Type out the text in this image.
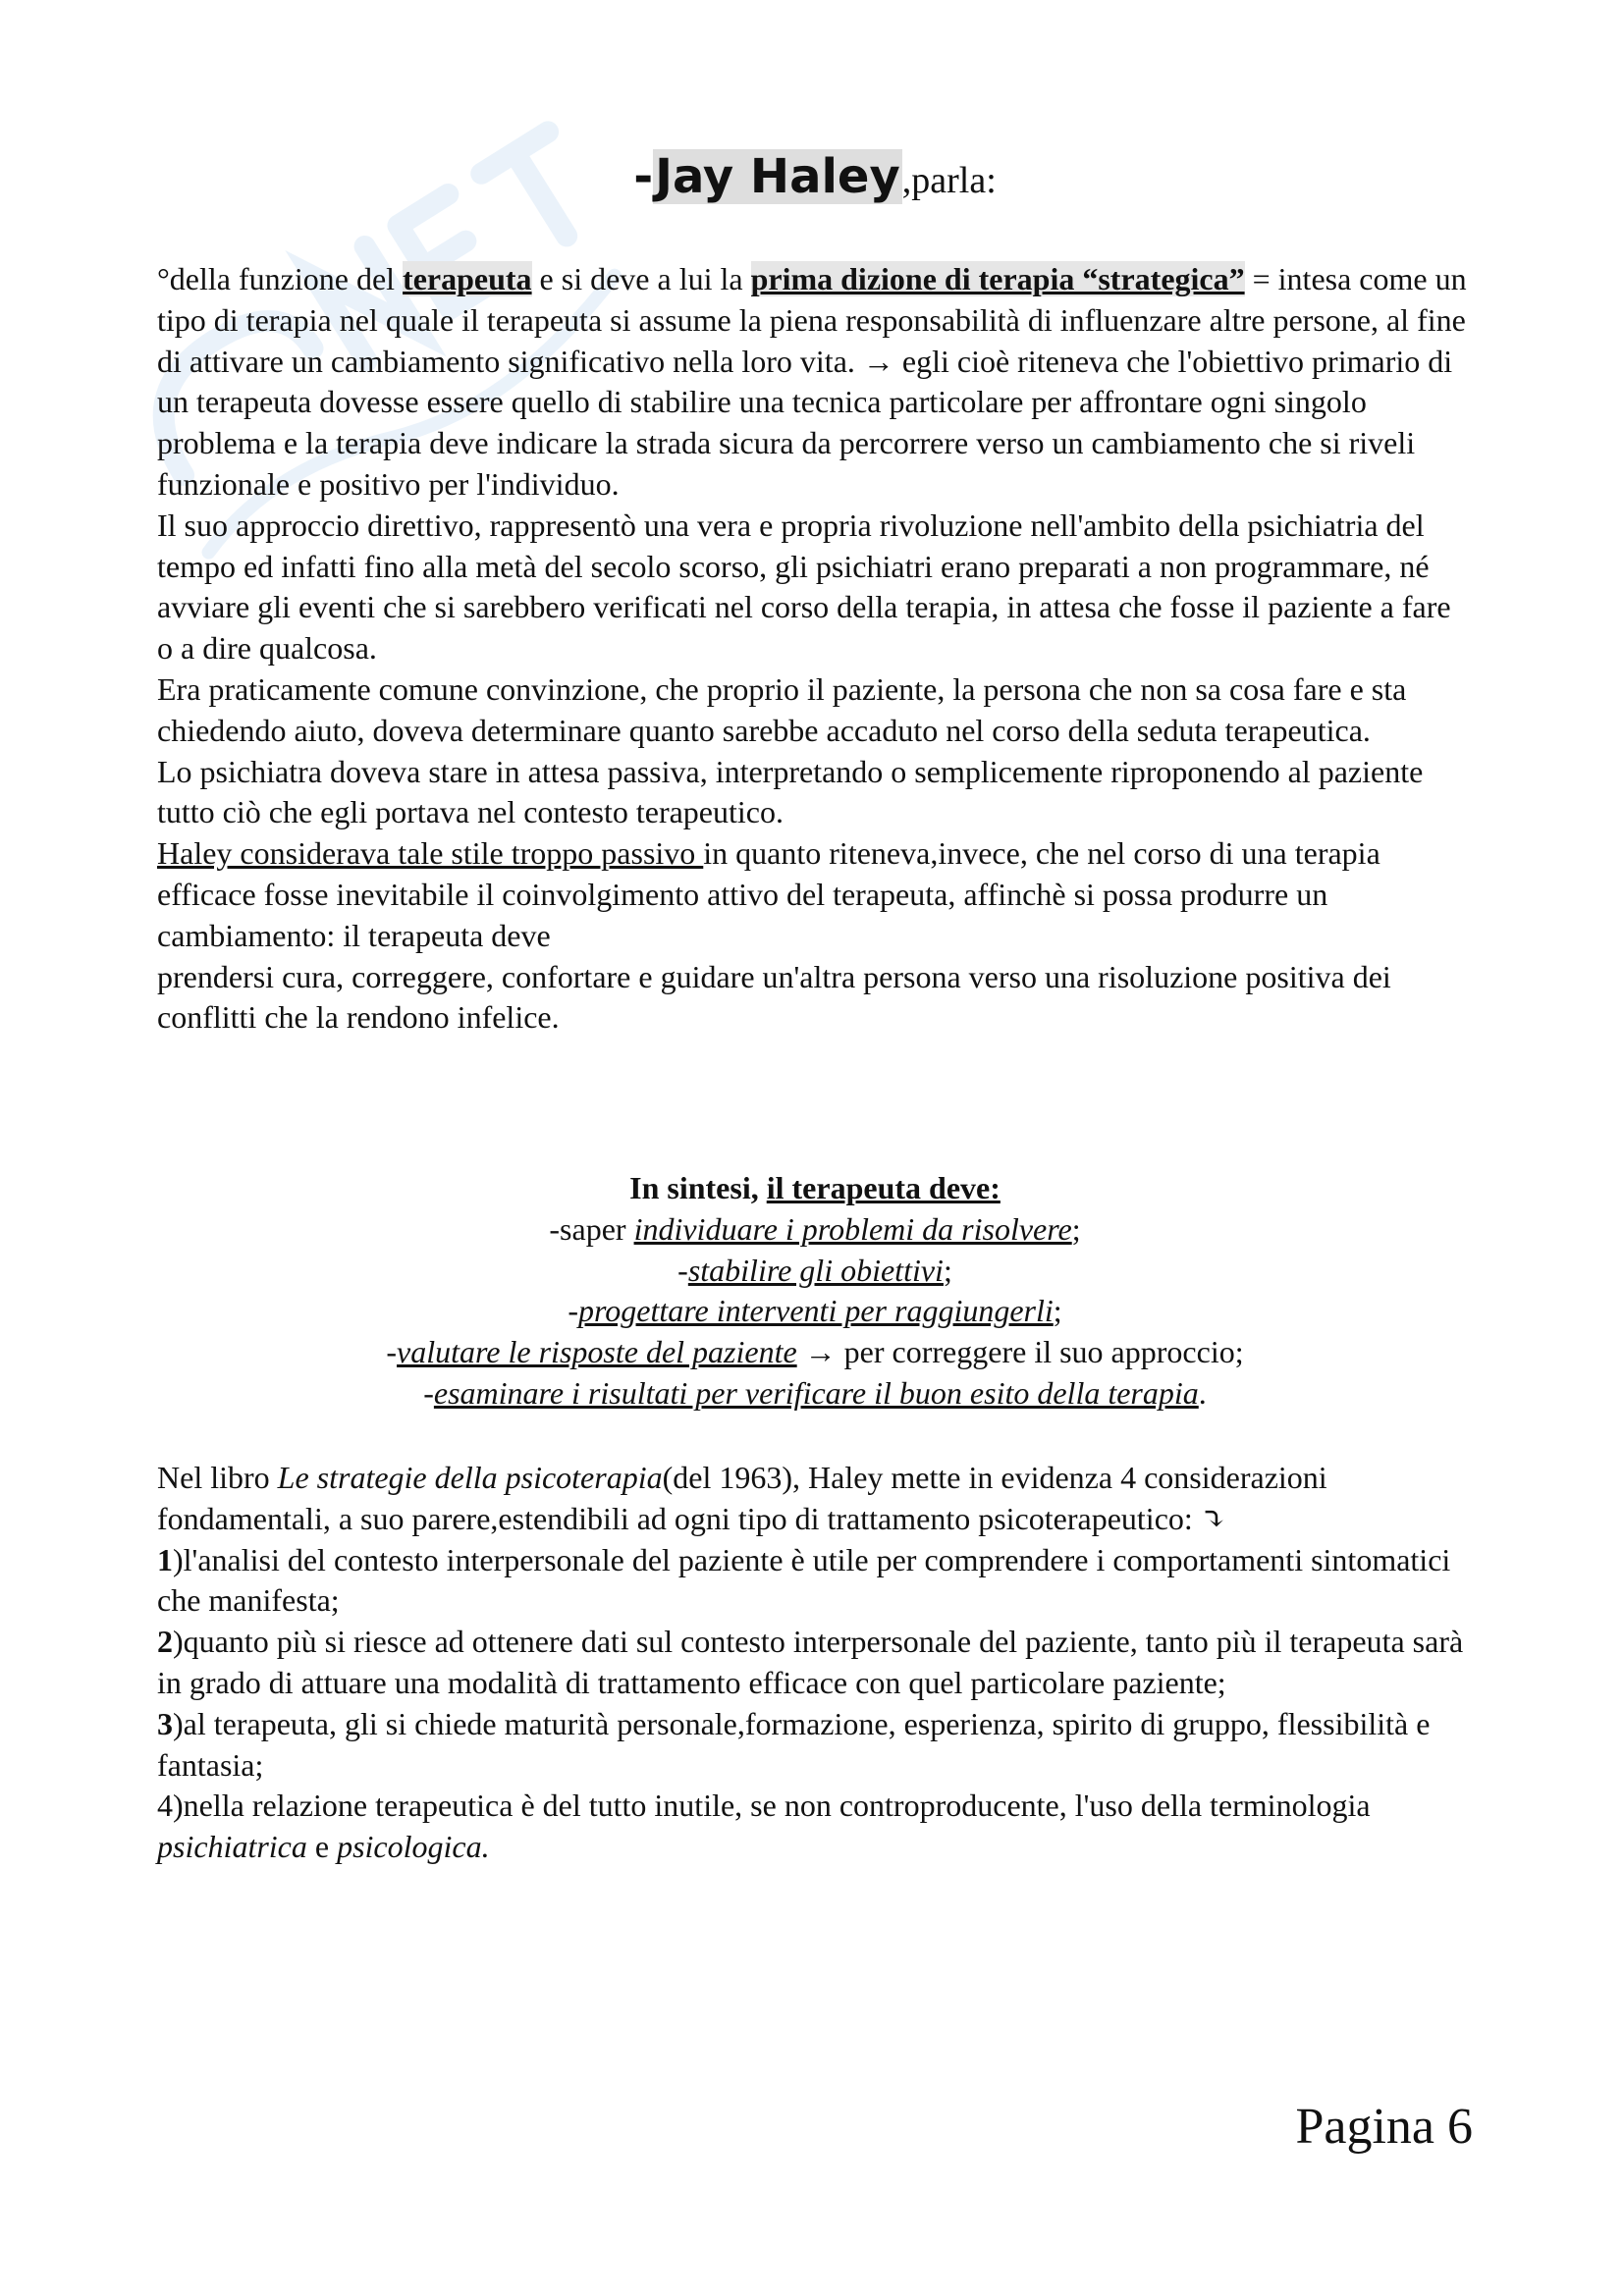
-Jay Haley,parla:

°della funzione del terapeuta e si deve a lui la prima dizione di terapia “strategica” = intesa come un tipo di terapia nel quale il terapeuta si assume la piena responsabilità di influenzare altre persone, al fine di attivare un cambiamento significativo nella loro vita. → egli cioè riteneva che l'obiettivo primario di un terapeuta dovesse essere quello di stabilire una tecnica particolare per affrontare ogni singolo problema e la terapia deve indicare la strada sicura da percorrere verso un cambiamento che si riveli funzionale e positivo per l'individuo.

Il suo approccio direttivo, rappresentò una vera e propria rivoluzione nell'ambito della psichiatria del tempo ed infatti fino alla metà del secolo scorso, gli psichiatri erano preparati a non programmare, né avviare gli eventi che si sarebbero verificati nel corso della terapia, in attesa che fosse il paziente a fare o a dire qualcosa.

Era praticamente comune convinzione, che proprio il paziente, la persona che non sa cosa fare e sta chiedendo aiuto, doveva determinare quanto sarebbe accaduto nel corso della seduta terapeutica.

Lo psichiatra doveva stare in attesa passiva, interpretando o semplicemente riproponendo al paziente tutto ciò che egli portava nel contesto terapeutico.

Haley considerava tale stile troppo passivo in quanto riteneva,invece, che nel corso di una terapia efficace fosse inevitabile il coinvolgimento attivo del terapeuta, affinchè si possa produrre un cambiamento: il terapeuta deve

prendersi cura, correggere, confortare e guidare un'altra persona verso una risoluzione positiva dei conflitti che la rendono infelice.

In sintesi, il terapeuta deve:

-saper individuare i problemi da risolvere;

-stabilire gli obiettivi;

-progettare interventi per raggiungerli;

-valutare le risposte del paziente → per correggere il suo approccio;

-esaminare i risultati per verificare il buon esito della terapia.

Nel libro Le strategie della psicoterapia(del 1963), Haley mette in evidenza 4 considerazioni fondamentali, a suo parere,estendibili ad ogni tipo di trattamento psicoterapeutico: ⤵

1)l'analisi del contesto interpersonale del paziente è utile per comprendere i comportamenti sintomatici che manifesta;

2)quanto più si riesce ad ottenere dati sul contesto interpersonale del paziente, tanto più il terapeuta sarà in grado di attuare una modalità di trattamento efficace con quel particolare paziente;

3)al terapeuta, gli si chiede maturità personale,formazione, esperienza, spirito di gruppo, flessibilità e fantasia;

4)nella relazione terapeutica è del tutto inutile, se non controproducente, l'uso della terminologia psichiatrica e psicologica.

Pagina 6
